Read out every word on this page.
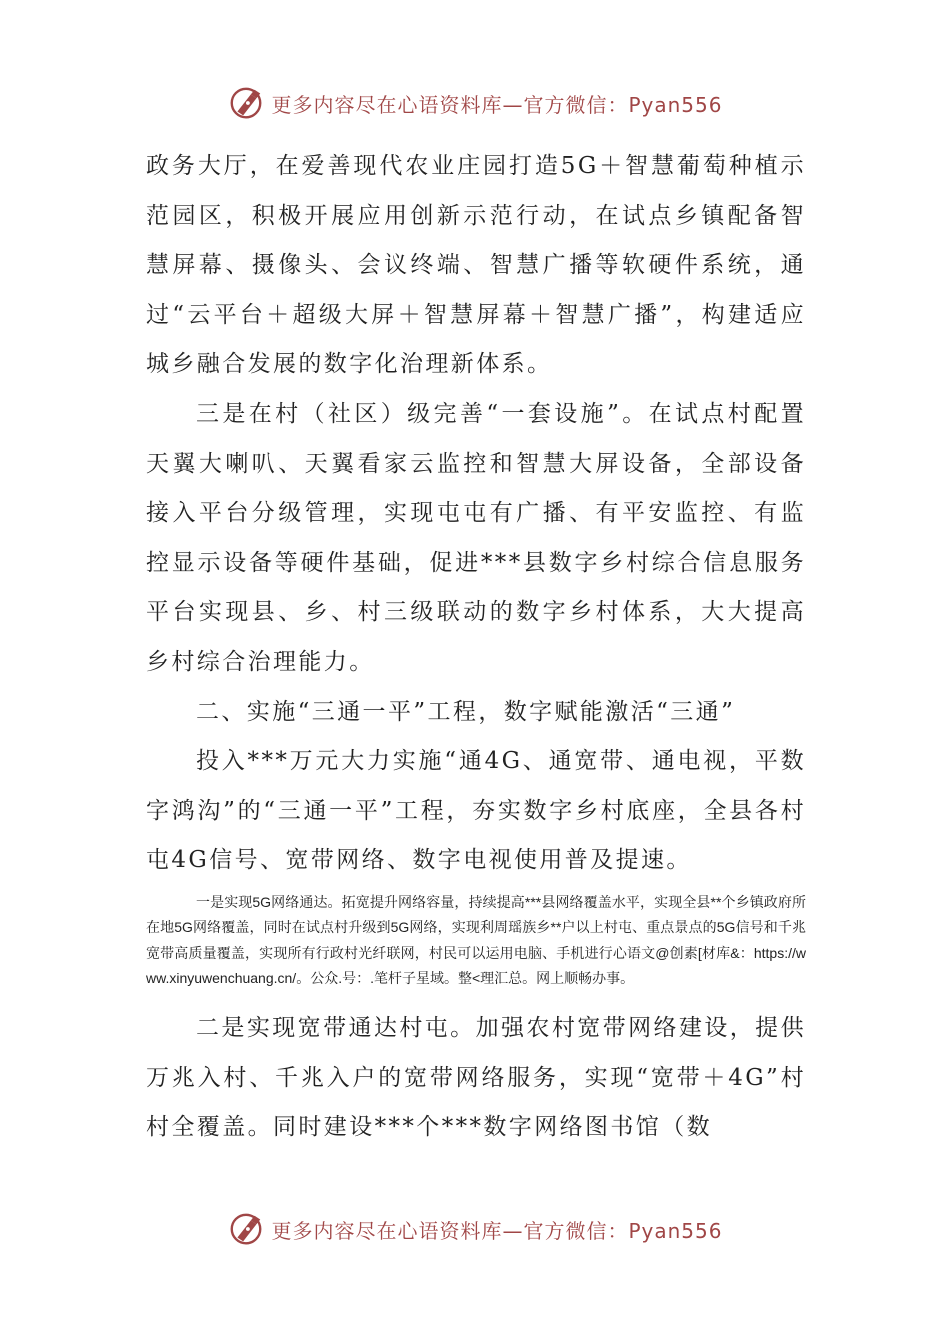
更多内容尽在心语资料库—官方微信：Pyan556

政务大厅，在爱善现代农业庄园打造5G＋智慧葡萄种植示范园区，积极开展应用创新示范行动，在试点乡镇配备智慧屏幕、摄像头、会议终端、智慧广播等软硬件系统，通过“云平台＋超级大屏＋智慧屏幕＋智慧广播”，构建适应城乡融合发展的数字化治理新体系。

三是在村（社区）级完善“一套设施”。在试点村配置天翼大喇叭、天翼看家云监控和智慧大屏设备，全部设备接入平台分级管理，实现屯屯有广播、有平安监控、有监控显示设备等硬件基础，促进***县数字乡村综合信息服务平台实现县、乡、村三级联动的数字乡村体系，大大提高乡村综合治理能力。

二、实施“三通一平”工程，数字赋能激活“三通”

投入***万元大力实施“通4G、通宽带、通电视，平数字鸿沟”的“三通一平”工程，夯实数字乡村底座，全县各村屯4G信号、宽带网络、数字电视使用普及提速。

一是实现5G网络通达。拓宽提升网络容量，持续提高***县网络覆盖水平，实现全县**个乡镇政府所在地5G网络覆盖，同时在试点村升级到5G网络，实现利周瑶族乡**户以上村屯、重点景点的5G信号和千兆宽带高质量覆盖，实现所有行政村光纤联网，村民可以运用电脑、手机进行心语文@创素[材库&：https://www.xinyuwenchuang.cn/。公众.号：.笔杆子星域。整<理汇总。网上顺畅办事。

二是实现宽带通达村屯。加强农村宽带网络建设，提供万兆入村、千兆入户的宽带网络服务，实现“宽带＋4G”村村全覆盖。同时建设***个***数字网络图书馆（数

更多内容尽在心语资料库—官方微信：Pyan556
